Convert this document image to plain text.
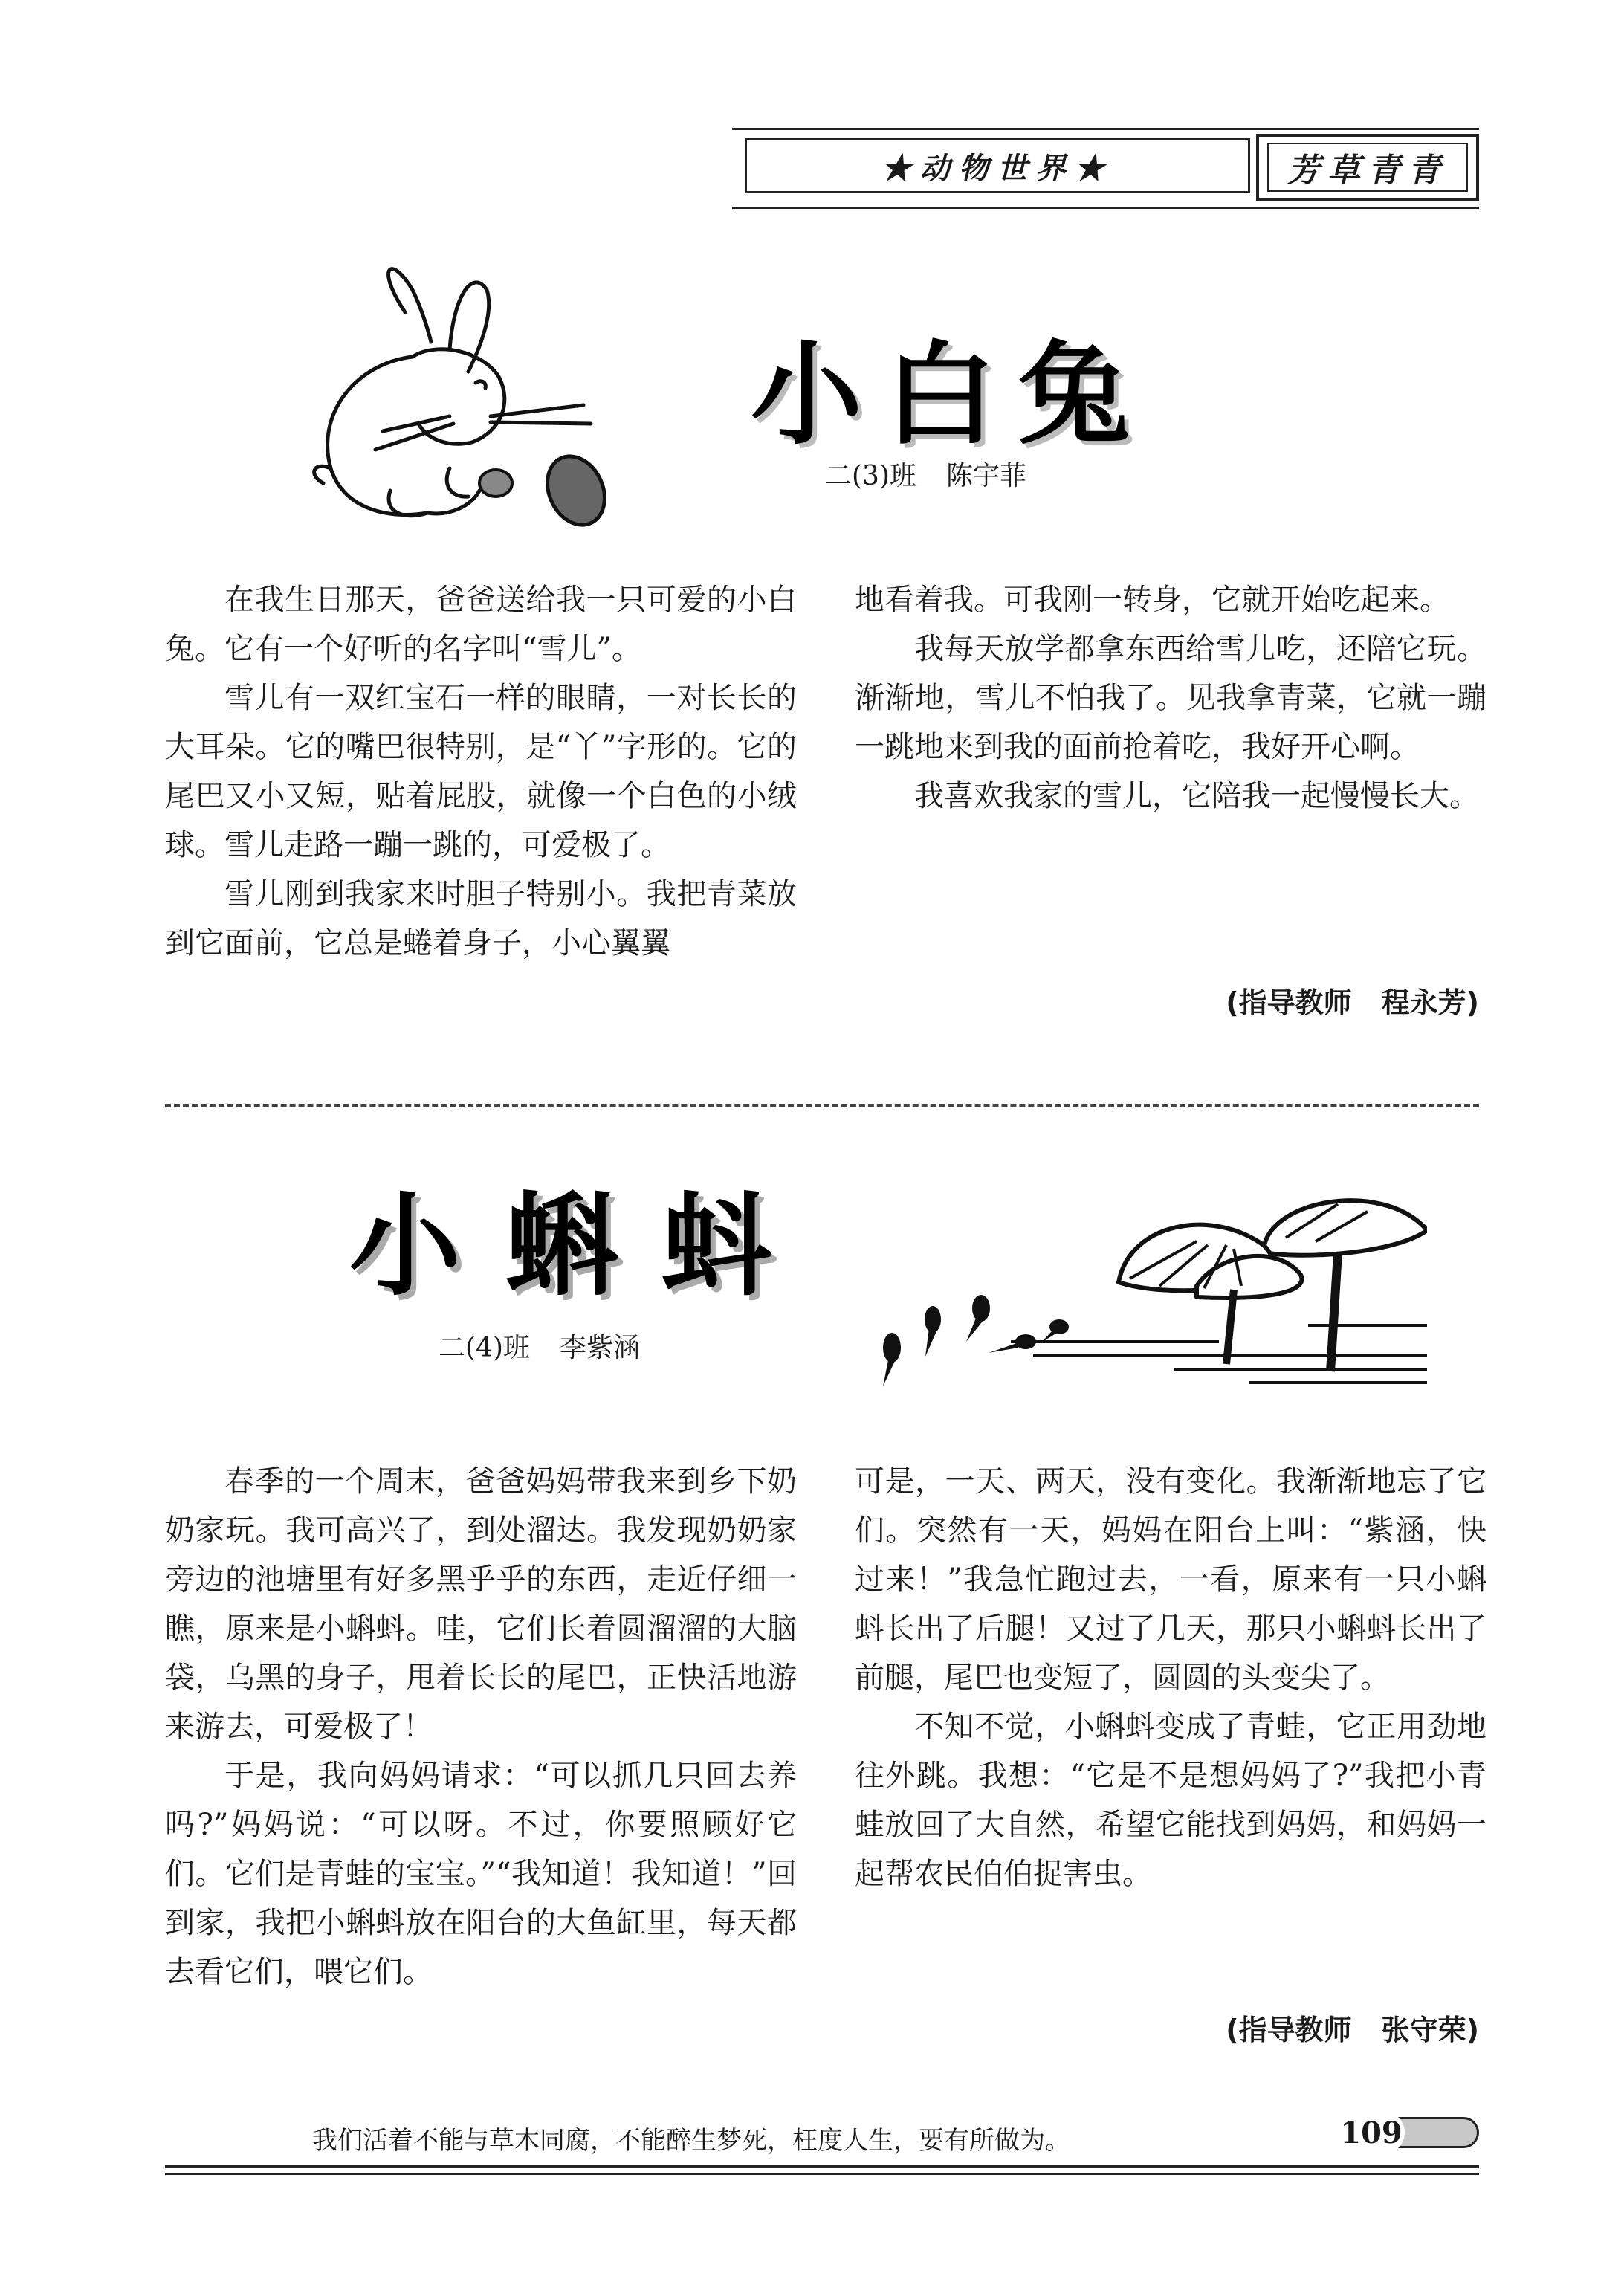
★动物世界★	芳草青青
小白兔
二(3)班 陈宇菲

在我生日那天，爸爸送给我一只可爱的小白兔。它有一个好听的名字叫“雪儿”。

雪儿有一双红宝石一样的眼睛，一对长长的大耳朵。它的嘴巴很特别，是“丫”字形的。它的尾巴又小又短，贴着屁股，就像一个白色的小绒球。雪儿走路一蹦一跳的，可爱极了。

雪儿刚到我家来时胆子特别小。我把青菜放到它面前，它总是蜷着身子，小心翼翼

地看着我。可我刚一转身，它就开始吃起来。

我每天放学都拿东西给雪儿吃，还陪它玩。渐渐地，雪儿不怕我了。见我拿青菜，它就一蹦一跳地来到我的面前抢着吃，我好开心啊。

我喜欢我家的雪儿，它陪我一起慢慢长大。

(指导教师 程永芳)
小蝌蚪
二(4)班 李紫涵

春季的一个周末，爸爸妈妈带我来到乡下奶奶家玩。我可高兴了，到处溜达。我发现奶奶家旁边的池塘里有好多黑乎乎的东西，走近仔细一瞧，原来是小蝌蚪。哇，它们长着圆溜溜的大脑袋，乌黑的身子，甩着长长的尾巴，正快活地游来游去，可爱极了！

于是，我向妈妈请求：“可以抓几只回去养吗?”妈妈说：“可以呀。不过，你要照顾好它们。它们是青蛙的宝宝。”“我知道！我知道！”回到家，我把小蝌蚪放在阳台的大鱼缸里，每天都去看它们，喂它们。

可是，一天、两天，没有变化。我渐渐地忘了它们。突然有一天，妈妈在阳台上叫：“紫涵，快过来！”我急忙跑过去，一看，原来有一只小蝌蚪长出了后腿！又过了几天，那只小蝌蚪长出了前腿，尾巴也变短了，圆圆的头变尖了。

不知不觉，小蝌蚪变成了青蛙，它正用劲地往外跳。我想：“它是不是想妈妈了?”我把小青蛙放回了大自然，希望它能找到妈妈，和妈妈一起帮农民伯伯捉害虫。

(指导教师 张守荣)
我们活着不能与草木同腐，不能醉生梦死，枉度人生，要有所做为。	109
